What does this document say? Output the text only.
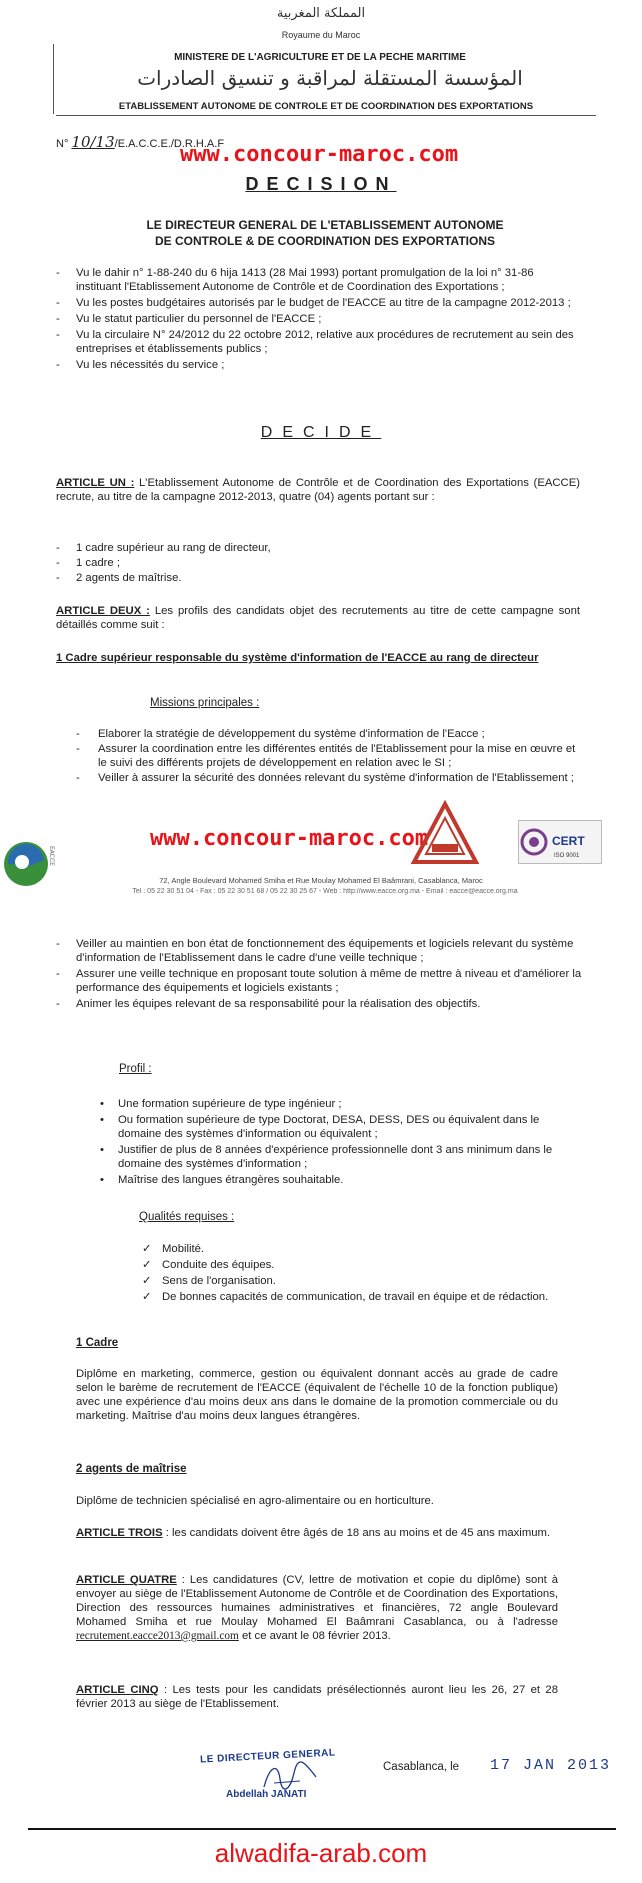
المملكة المغربية
Royaume du Maroc
MINISTERE DE L'AGRICULTURE ET DE LA PECHE MARITIME
المؤسسة المستقلة لمراقبة و تنسيق الصادرات
ETABLISSEMENT AUTONOME DE CONTROLE ET DE COORDINATION DES EXPORTATIONS
N° 10/13/E.A.C.C.E./D.R.H.A.F
www.concour-maroc.com
DECISION
LE DIRECTEUR GENERAL DE L'ETABLISSEMENT AUTONOME
DE CONTROLE & DE COORDINATION DES EXPORTATIONS
- Vu le dahir n° 1-88-240 du 6 hija 1413 (28 Mai 1993) portant promulgation de la loi n° 31-86 instituant l'Etablissement Autonome de Contrôle et de Coordination des Exportations ;
- Vu les postes budgétaires autorisés par le budget de l'EACCE au titre de la campagne 2012-2013 ;
- Vu le statut particulier du personnel de l'EACCE ;
- Vu la circulaire N° 24/2012 du 22 octobre 2012, relative aux procédures de recrutement au sein des entreprises et établissements publics ;
- Vu les nécessités du service ;
DECIDE
ARTICLE UN : L'Etablissement Autonome de Contrôle et de Coordination des Exportations (EACCE) recrute, au titre de la campagne 2012-2013, quatre (04) agents portant sur :
- 1 cadre supérieur au rang de directeur,
- 1 cadre ;
- 2 agents de maîtrise.
ARTICLE DEUX : Les profils des candidats objet des recrutements au titre de cette campagne sont détaillés comme suit :
1 Cadre supérieur responsable du système d'information de l'EACCE au rang de directeur
Missions principales :
- Elaborer la stratégie de développement du système d'information de l'Eacce ;
- Assurer la coordination entre les différentes entités de l'Etablissement pour la mise en œuvre et le suivi des différents projets de développement en relation avec le SI ;
- Veiller à assurer la sécurité des données relevant du système d'information de l'Etablissement ;
EACCE
www.concour-maroc.com	CERT
ISO 9001
72, Angle Boulevard Mohamed Smiha et Rue Moulay Mohamed El Baâmrani, Casablanca, Maroc
Tel : 05 22 30 51 04 - Fax : 05 22 30 51 68 / 05 22 30 25 67 - Web : http://www.eacce.org.ma - Email : eacce@eacce.org.ma
- Veiller au maintien en bon état de fonctionnement des équipements et logiciels relevant du système d'information de l'Etablissement dans le cadre d'une veille technique ;
- Assurer une veille technique en proposant toute solution à même de mettre à niveau et d'améliorer la performance des équipements et logiciels existants ;
- Animer les équipes relevant de sa responsabilité pour la réalisation des objectifs.
Profil :
• Une formation supérieure de type ingénieur ;
• Ou formation supérieure de type Doctorat, DESA, DESS, DES ou équivalent dans le domaine des systèmes d'information ou équivalent ;
• Justifier de plus de 8 années d'expérience professionnelle dont 3 ans minimum dans le domaine des systèmes d'information ;
• Maîtrise des langues étrangères souhaitable.
Qualités requises :
✓ Mobilité.
✓ Conduite des équipes.
✓ Sens de l'organisation.
✓ De bonnes capacités de communication, de travail en équipe et de rédaction.
1 Cadre
Diplôme en marketing, commerce, gestion ou équivalent donnant accès au grade de cadre selon le barème de recrutement de l'EACCE (équivalent de l'échelle 10 de la fonction publique) avec une expérience d'au moins deux ans dans le domaine de la promotion commerciale ou du marketing. Maîtrise d'au moins deux langues étrangères.
2 agents de maîtrise
Diplôme de technicien spécialisé en agro-alimentaire ou en horticulture.
ARTICLE TROIS : les candidats doivent être âgés de 18 ans au moins et de 45 ans maximum.
ARTICLE QUATRE : Les candidatures (CV, lettre de motivation et copie du diplôme) sont à envoyer au siège de l'Etablissement Autonome de Contrôle et de Coordination des Exportations, Direction des ressources humaines administratives et financières, 72 angle Boulevard Mohamed Smiha et rue Moulay Mohamed El Baâmrani Casablanca, ou à l'adresse recrutement.eacce2013@gmail.com et ce avant le 08 février 2013.
ARTICLE CINQ : Les tests pour les candidats présélectionnés auront lieu les 26, 27 et 28 février 2013 au siège de l'Etablissement.
LE DIRECTEUR GENERAL
Abdellah JANATI
Casablanca, le 17 JAN 2013
alwadifa-arab.com
